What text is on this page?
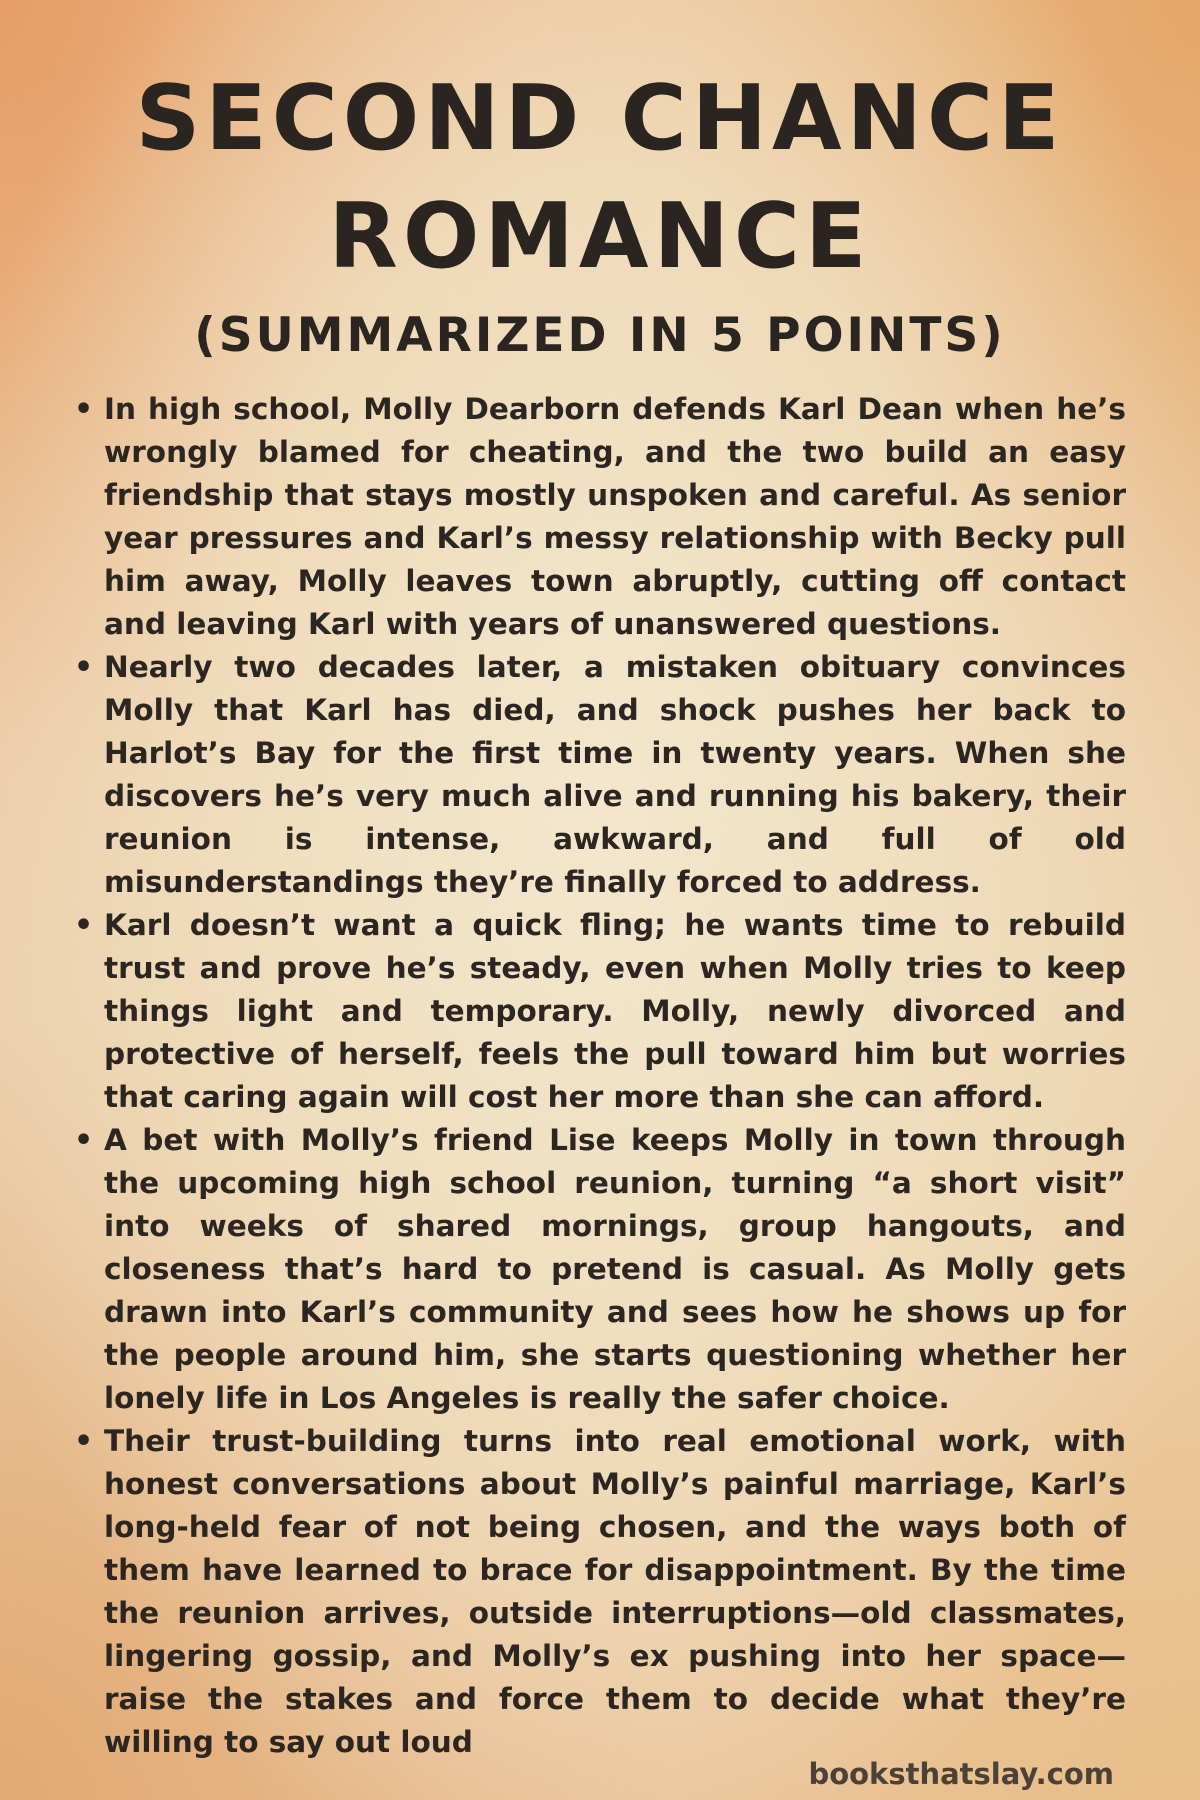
SECOND CHANCE
ROMANCE
(SUMMARIZED IN 5 POINTS)
• In high school, Molly Dearborn defends Karl Dean when he’s wrongly blamed for cheating, and the two build an easy friendship that stays mostly unspoken and careful. As senior year pressures and Karl’s messy relationship with Becky pull him away, Molly leaves town abruptly, cutting off contact and leaving Karl with years of unanswered questions.
• Nearly two decades later, a mistaken obituary convinces Molly that Karl has died, and shock pushes her back to Harlot’s Bay for the first time in twenty years. When she discovers he’s very much alive and running his bakery, their reunion is intense, awkward, and full of old misunderstandings they’re finally forced to address.
• Karl doesn’t want a quick fling; he wants time to rebuild trust and prove he’s steady, even when Molly tries to keep things light and temporary. Molly, newly divorced and protective of herself, feels the pull toward him but worries that caring again will cost her more than she can afford.
• A bet with Molly’s friend Lise keeps Molly in town through the upcoming high school reunion, turning “a short visit” into weeks of shared mornings, group hangouts, and closeness that’s hard to pretend is casual. As Molly gets drawn into Karl’s community and sees how he shows up for the people around him, she starts questioning whether her lonely life in Los Angeles is really the safer choice.
• Their trust-building turns into real emotional work, with honest conversations about Molly’s painful marriage, Karl’s long-held fear of not being chosen, and the ways both of them have learned to brace for disappointment. By the time the reunion arrives, outside interruptions—old classmates, lingering gossip, and Molly’s ex pushing into her space—raise the stakes and force them to decide what they’re willing to say out loud
booksthatslay.com
